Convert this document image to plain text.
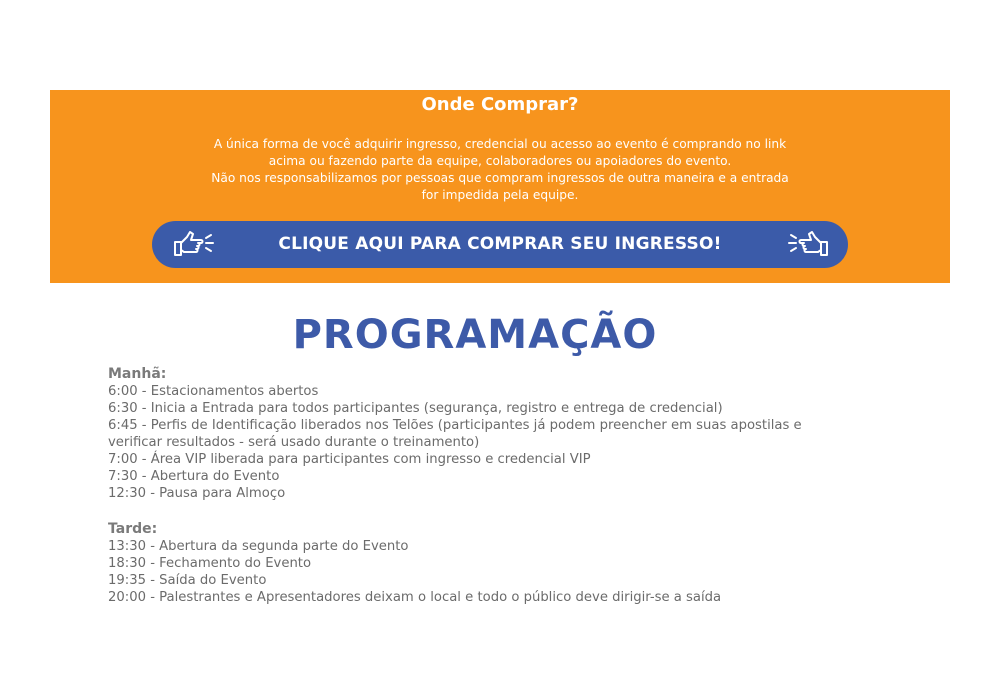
Onde Comprar?
A única forma de você adquirir ingresso, credencial ou acesso ao evento é comprando no link
acima ou fazendo parte da equipe, colaboradores ou apoiadores do evento.
Não nos responsabilizamos por pessoas que compram ingressos de outra maneira e a entrada
for impedida pela equipe.
CLIQUE AQUI PARA COMPRAR SEU INGRESSO!
PROGRAMAÇÃO
Manhã:
6:00 - Estacionamentos abertos
6:30 - Inicia a Entrada para todos participantes (segurança, registro e entrega de credencial)
6:45 - Perfis de Identificação liberados nos Telões (participantes já podem preencher em suas apostilas e
verificar resultados - será usado durante o treinamento)
7:00 - Área VIP liberada para participantes com ingresso e credencial VIP
7:30 - Abertura do Evento
12:30 - Pausa para Almoço
Tarde:
13:30 - Abertura da segunda parte do Evento
18:30 - Fechamento do Evento
19:35 - Saída do Evento
20:00 - Palestrantes e Apresentadores deixam o local e todo o público deve dirigir-se a saída
